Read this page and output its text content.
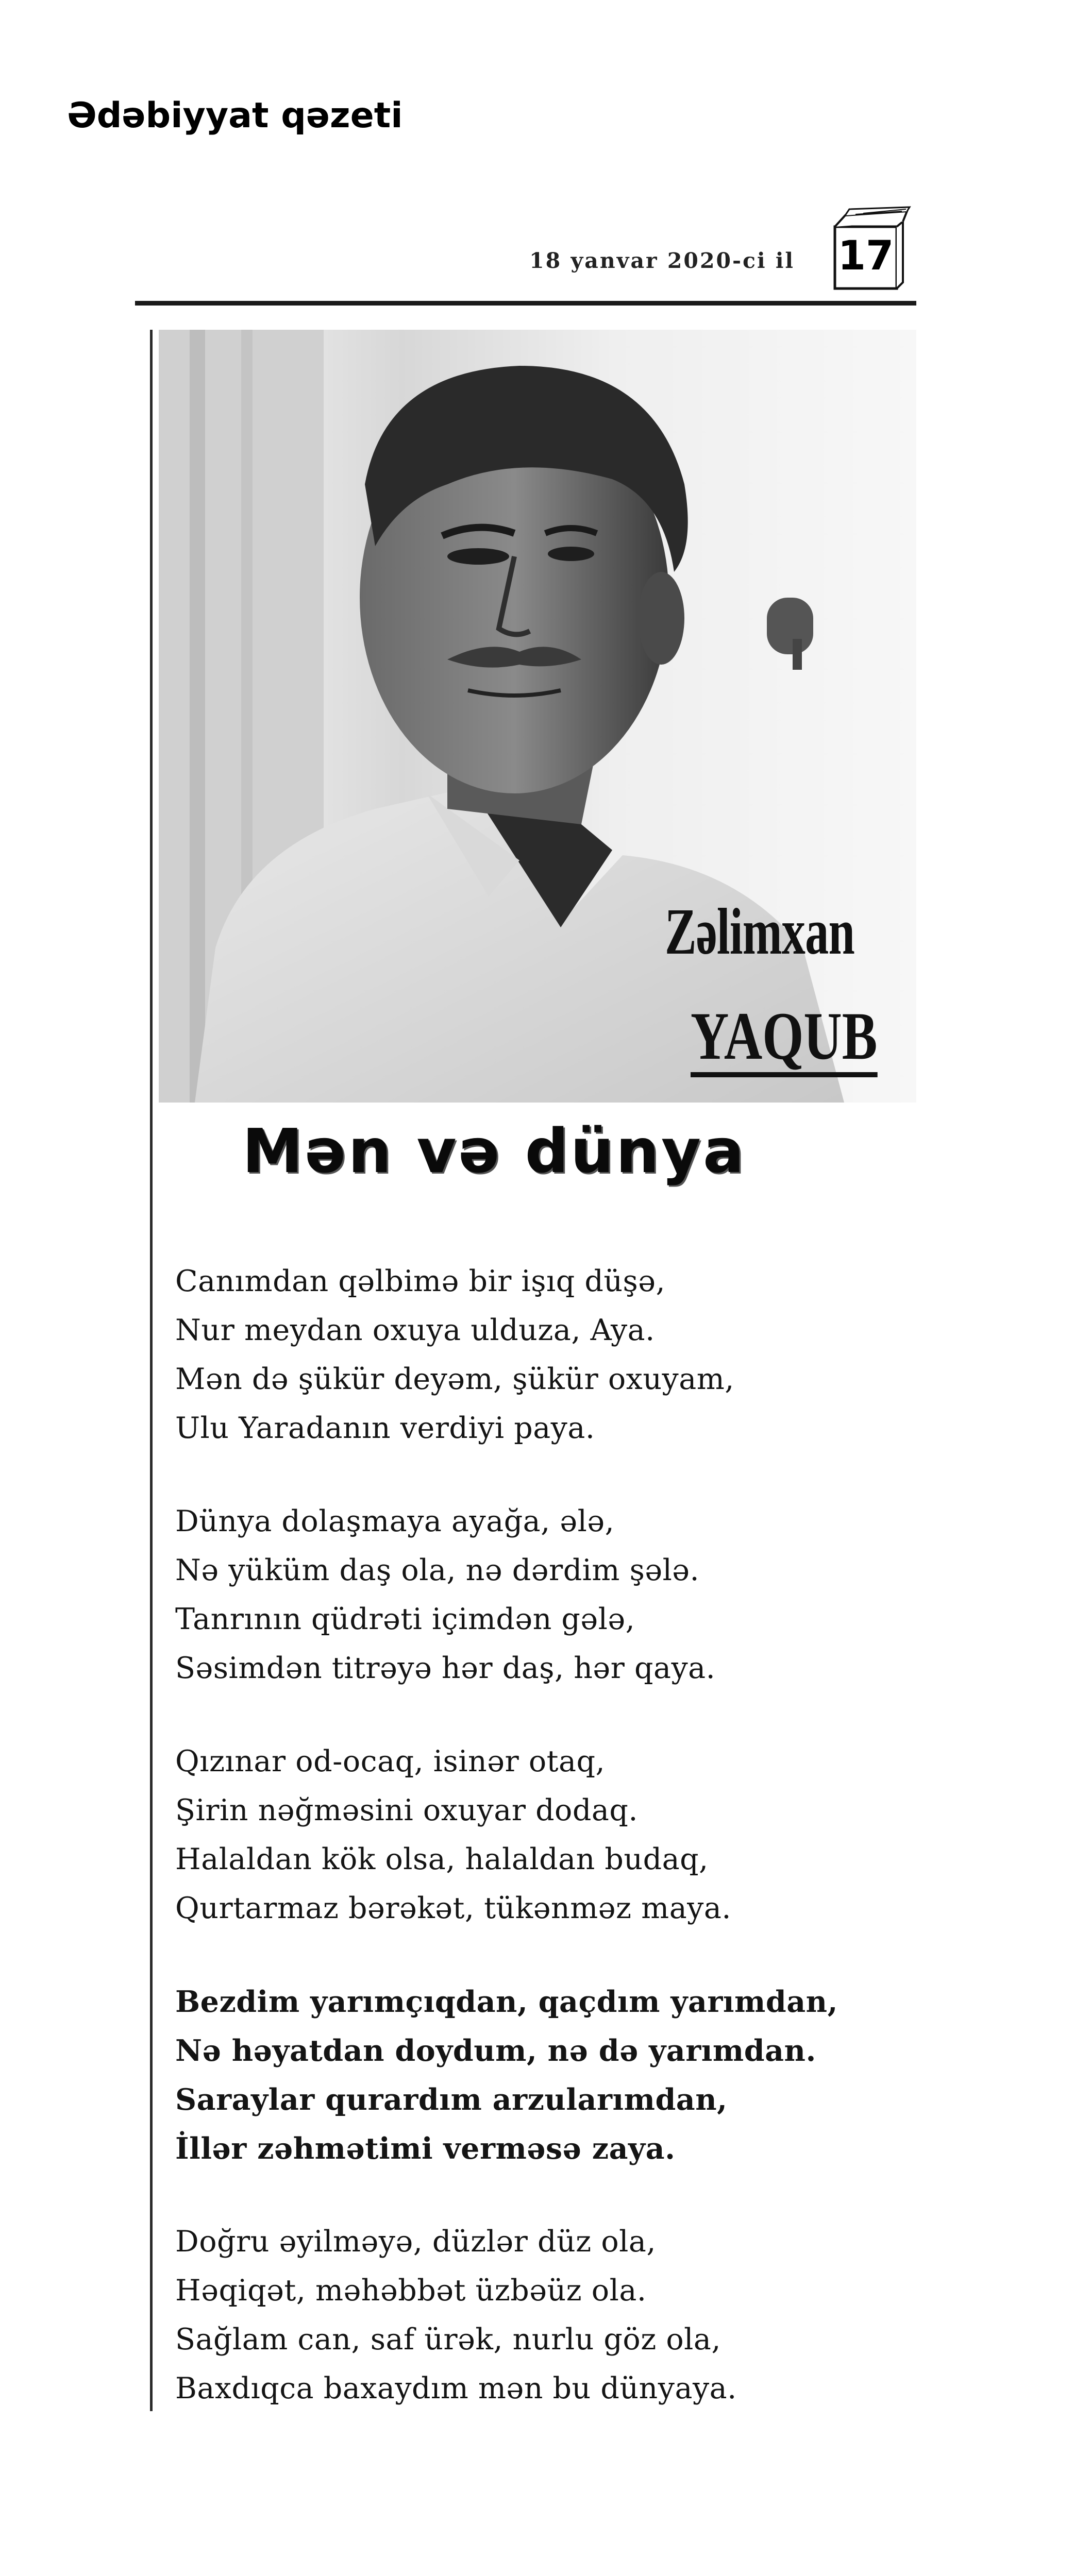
Ədəbiyyat qəzeti
18 yanvar 2020-ci il 17
Zəlimxan
YAQUB
Mən və dünya
Canımdan qəlbimə bir işıq düşə,
Nur meydan oxuya ulduza, Aya.
Mən də şükür deyəm, şükür oxuyam,
Ulu Yaradanın verdiyi paya.
Dünya dolaşmaya ayağa, ələ,
Nə yüküm daş ola, nə dərdim şələ.
Tanrının qüdrəti içimdən gələ,
Səsimdən titrəyə hər daş, hər qaya.
Qızınar od-ocaq, isinər otaq,
Şirin nəğməsini oxuyar dodaq.
Halaldan kök olsa, halaldan budaq,
Qurtarmaz bərəkət, tükənməz maya.
Bezdim yarımçıqdan, qaçdım yarımdan,
Nə həyatdan doydum, nə də yarımdan.
Saraylar qurardım arzularımdan,
İllər zəhmətimi verməsə zaya.
Doğru əyilməyə, düzlər düz ola,
Həqiqət, məhəbbət üzbəüz ola.
Sağlam can, saf ürək, nurlu göz ola,
Baxdıqca baxaydım mən bu dünyaya.
